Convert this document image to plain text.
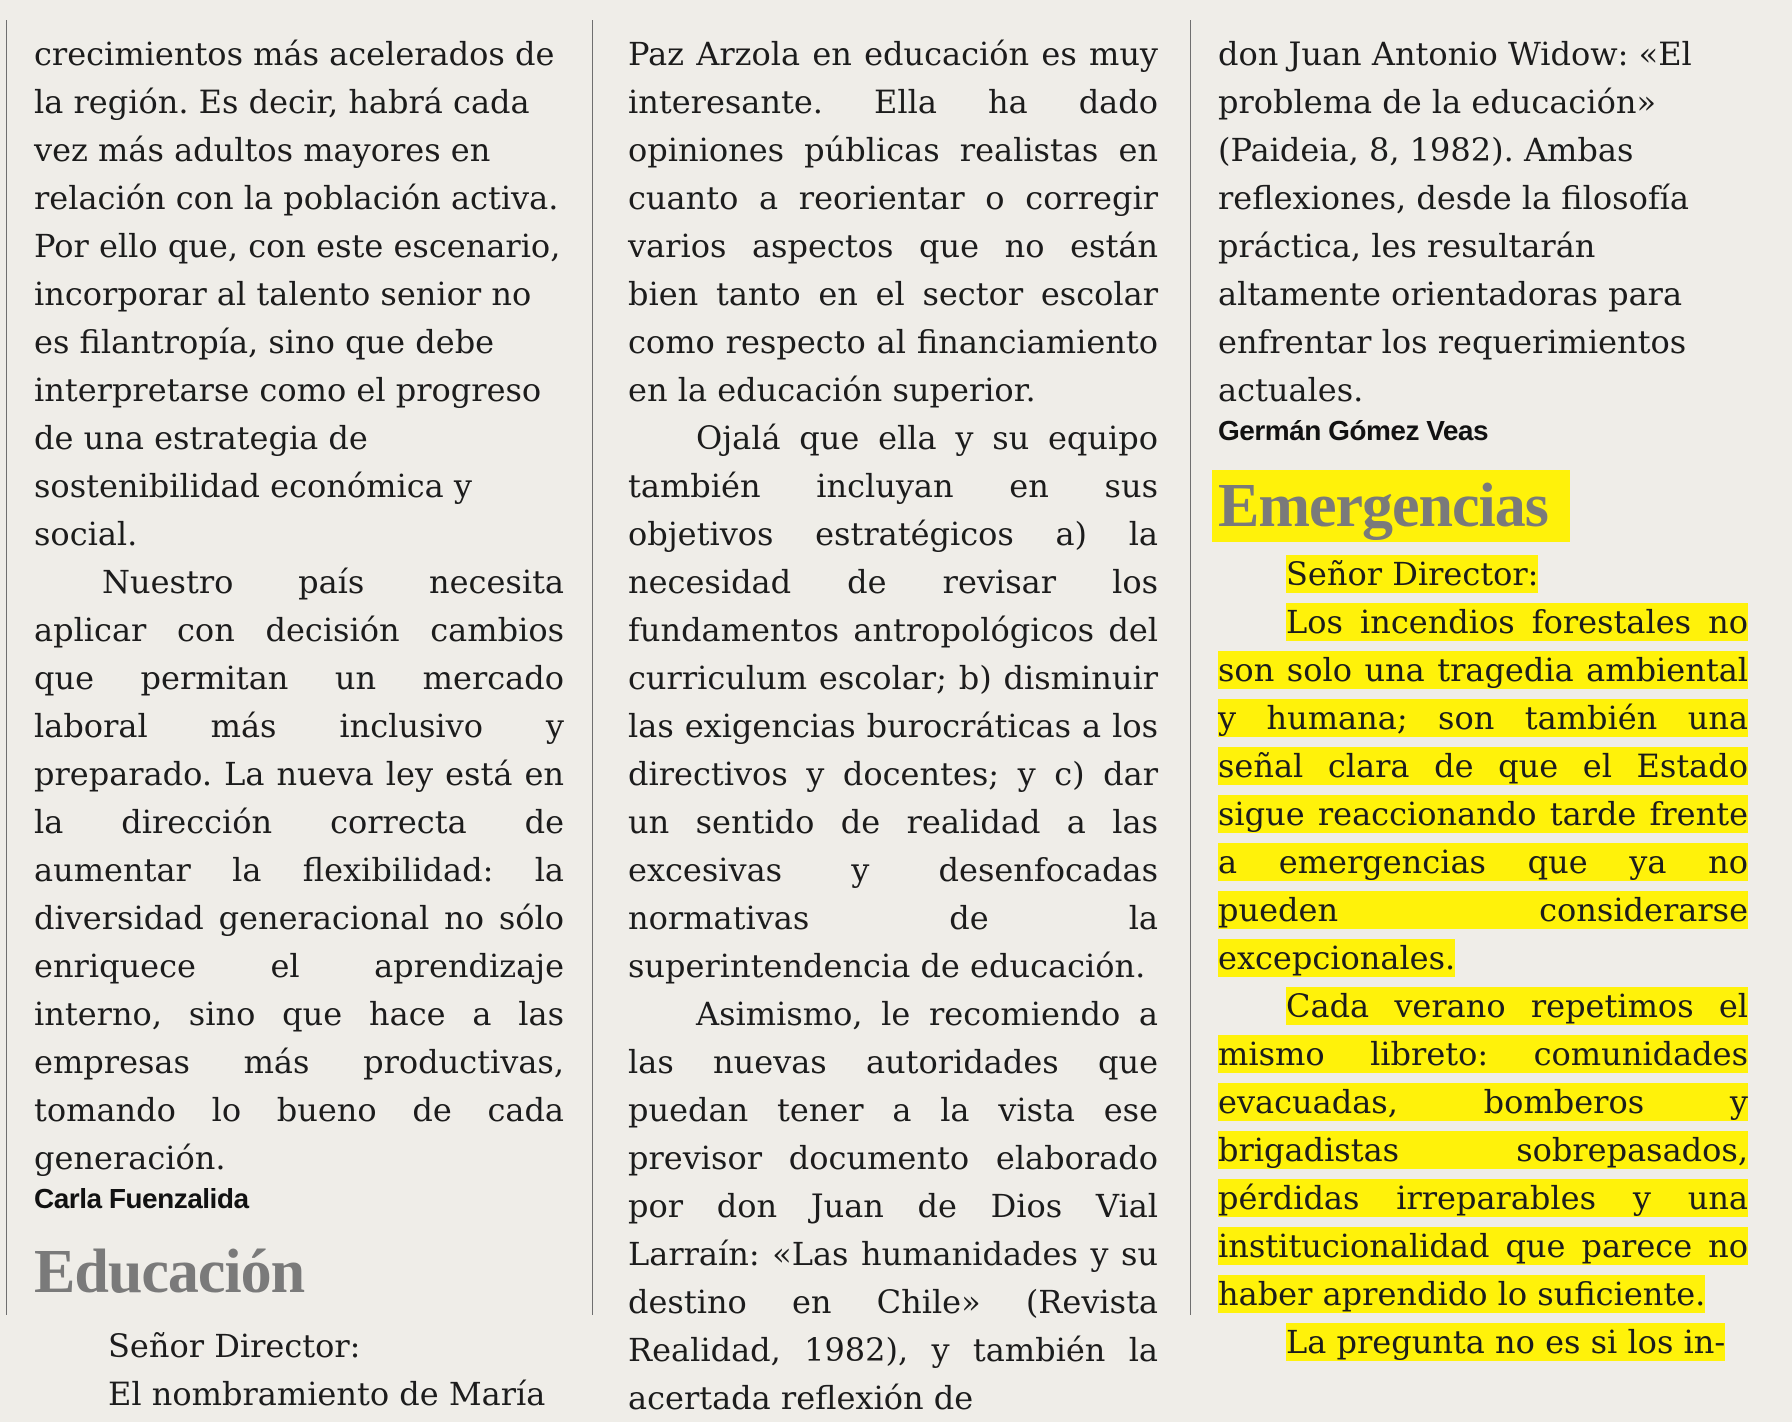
crecimientos más acelerados de la región. Es decir, habrá cada vez más adultos mayores en relación con la población activa. Por ello que, con este escenario, incorporar al talento senior no es filantropía, sino que debe interpretarse como el progreso de una estrategia de sostenibilidad económica y social.

Nuestro país necesita aplicar con decisión cambios que permitan un mercado laboral más inclusivo y preparado. La nueva ley está en la dirección correcta de aumentar la flexibilidad: la diversidad generacional no sólo enriquece el aprendizaje interno, sino que hace a las empresas más productivas, tomando lo bueno de cada generación.

Carla Fuenzalida

Educación

Señor Director:

El nombramiento de María

Paz Arzola en educación es muy interesante. Ella ha dado opiniones públicas realistas en cuanto a reorientar o corregir varios aspectos que no están bien tanto en el sector escolar como respecto al financiamiento en la educación superior.

Ojalá que ella y su equipo también incluyan en sus objetivos estratégicos a) la necesidad de revisar los fundamentos antropológicos del curriculum escolar; b) disminuir las exigencias burocráticas a los directivos y docentes; y c) dar un sentido de realidad a las excesivas y desenfocadas normativas de la superintendencia de educación.

Asimismo, le recomiendo a las nuevas autoridades que puedan tener a la vista ese previsor documento elaborado por don Juan de Dios Vial Larraín: «Las humanidades y su destino en Chile» (Revista Realidad, 1982), y también la acertada reflexión de

don Juan Antonio Widow: «El problema de la educación» (Paideia, 8, 1982). Ambas reflexiones, desde la filosofía práctica, les resultarán altamente orientadoras para enfrentar los requerimientos actuales.

Germán Gómez Veas

Emergencias

Señor Director:

Los incendios forestales no son solo una tragedia ambiental y humana; son también una señal clara de que el Estado sigue reaccionando tarde frente a emergencias que ya no pueden considerarse excepcionales.

Cada verano repetimos el mismo libreto: comunidades evacuadas, bomberos y brigadistas sobrepasados, pérdidas irreparables y una institucionalidad que parece no haber aprendido lo suficiente.

La pregunta no es si los in-
